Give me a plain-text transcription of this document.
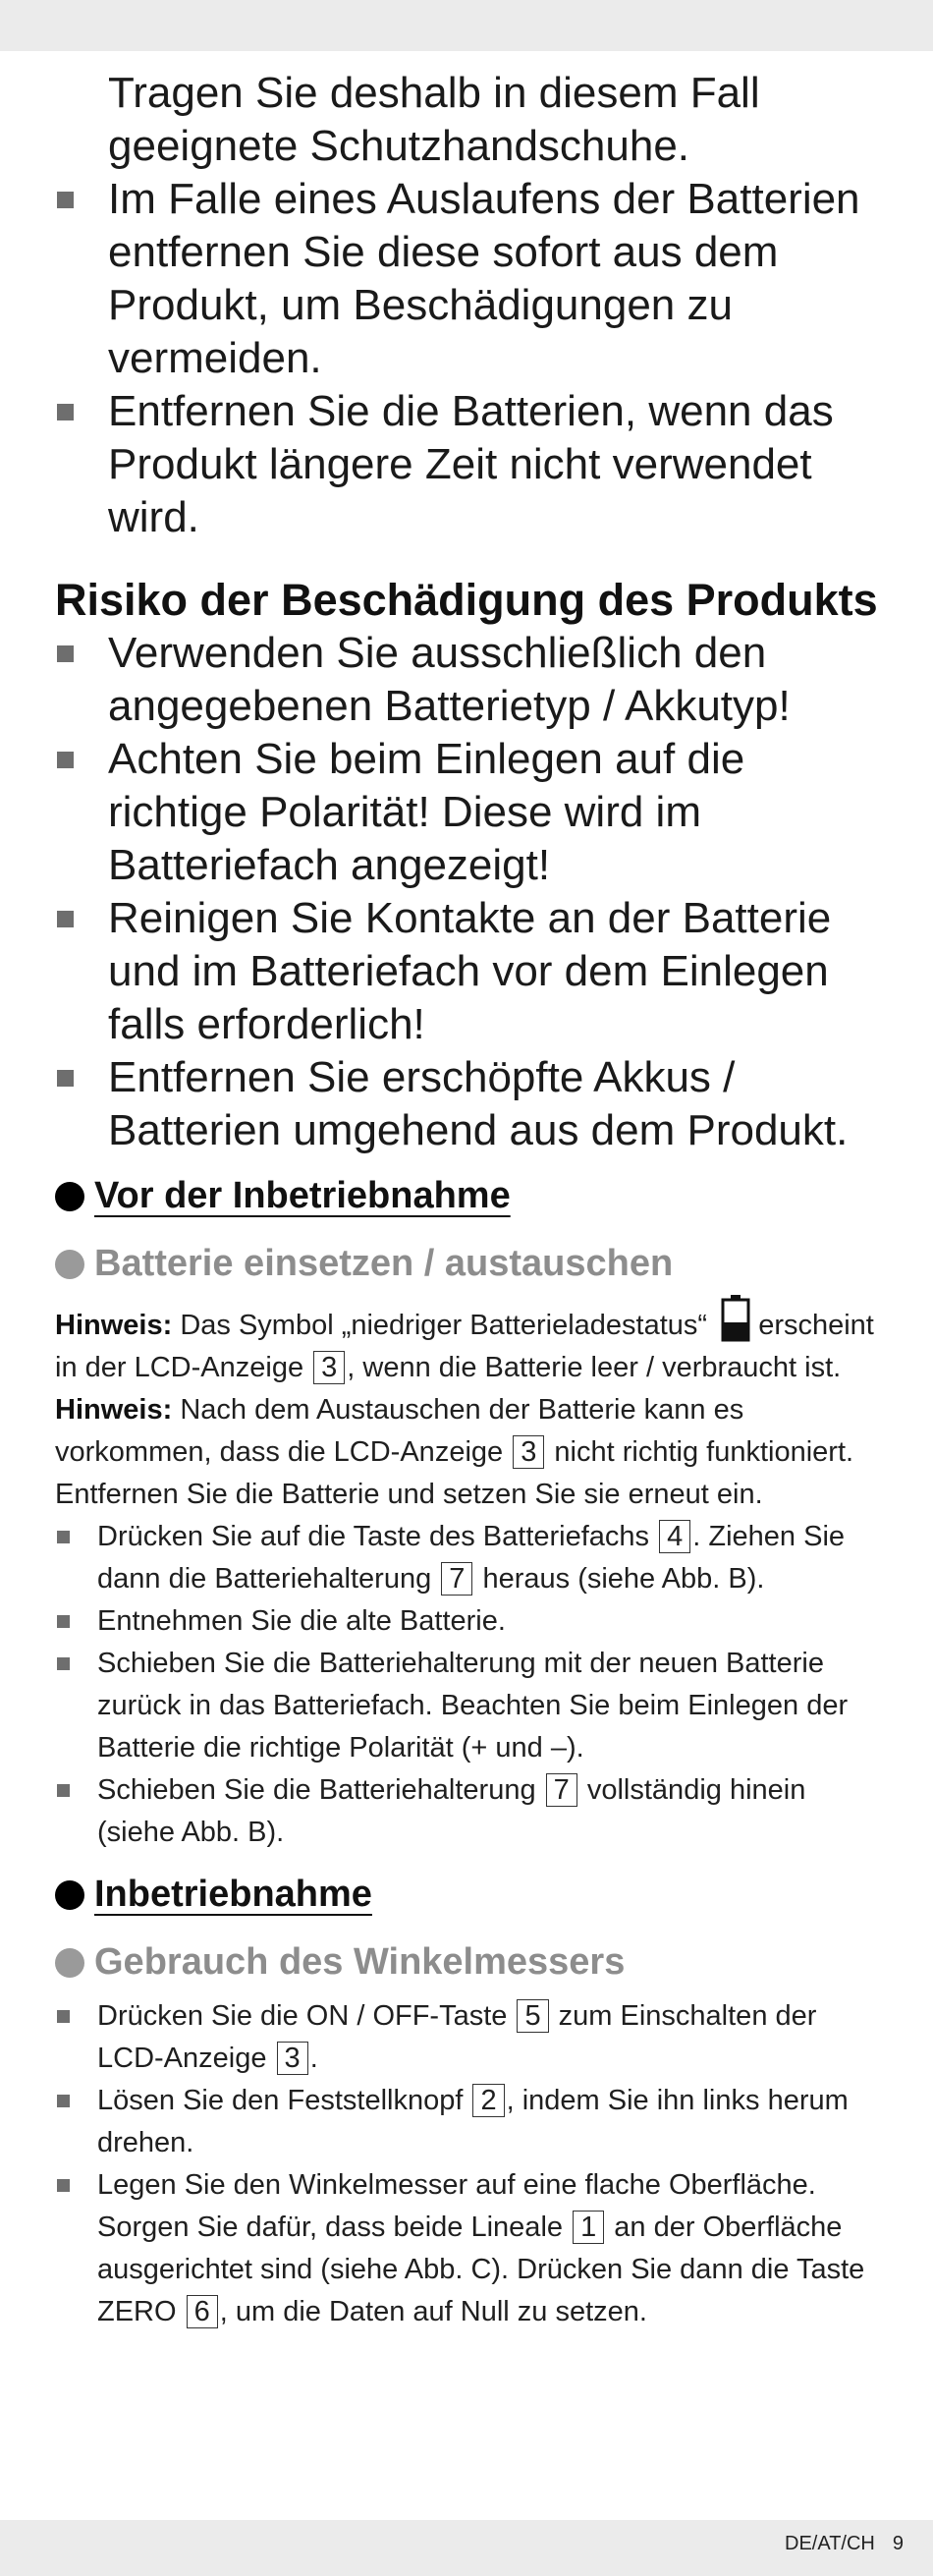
Tragen Sie deshalb in diesem Fall geeignete Schutzhandschuhe.
Im Falle eines Auslaufens der Batterien entfernen Sie diese sofort aus dem Produkt, um Beschädigungen zu vermeiden.
Entfernen Sie die Batterien, wenn das Produkt längere Zeit nicht verwendet wird.
Risiko der Beschädigung des Produkts
Verwenden Sie ausschließlich den angegebenen Batterietyp / Akkutyp!
Achten Sie beim Einlegen auf die richtige Polarität! Diese wird im Batteriefach angezeigt!
Reinigen Sie Kontakte an der Batterie und im Batteriefach vor dem Einlegen falls erforderlich!
Entfernen Sie erschöpfte Akkus / Batterien umgehend aus dem Produkt.
Vor der Inbetriebnahme
Batterie einsetzen / austauschen
Hinweis: Das Symbol „niedriger Batterieladestatus“ erscheint in der LCD-Anzeige 3 , wenn die Batterie leer / verbraucht ist.
Hinweis: Nach dem Austauschen der Batterie kann es vorkommen, dass die LCD-Anzeige 3 nicht richtig funktioniert. Entfernen Sie die Batterie und setzen Sie sie erneut ein.
Drücken Sie auf die Taste des Batteriefachs 4 . Ziehen Sie dann die Batteriehalterung 7 heraus (siehe Abb. B).
Entnehmen Sie die alte Batterie.
Schieben Sie die Batteriehalterung mit der neuen Batterie zurück in das Batteriefach. Beachten Sie beim Einlegen der Batterie die richtige Polarität (+ und –).
Schieben Sie die Batteriehalterung 7 vollständig hinein (siehe Abb. B).
Inbetriebnahme
Gebrauch des Winkelmessers
Drücken Sie die ON / OFF-Taste 5 zum Einschalten der LCD-Anzeige 3 .
Lösen Sie den Feststellknopf 2 , indem Sie ihn links herum drehen.
Legen Sie den Winkelmesser auf eine flache Oberfläche. Sorgen Sie dafür, dass beide Lineale 1 an der Oberfläche ausgerichtet sind (siehe Abb. C). Drücken Sie dann die Taste ZERO 6 , um die Daten auf Null zu setzen.
DE/AT/CH 9
